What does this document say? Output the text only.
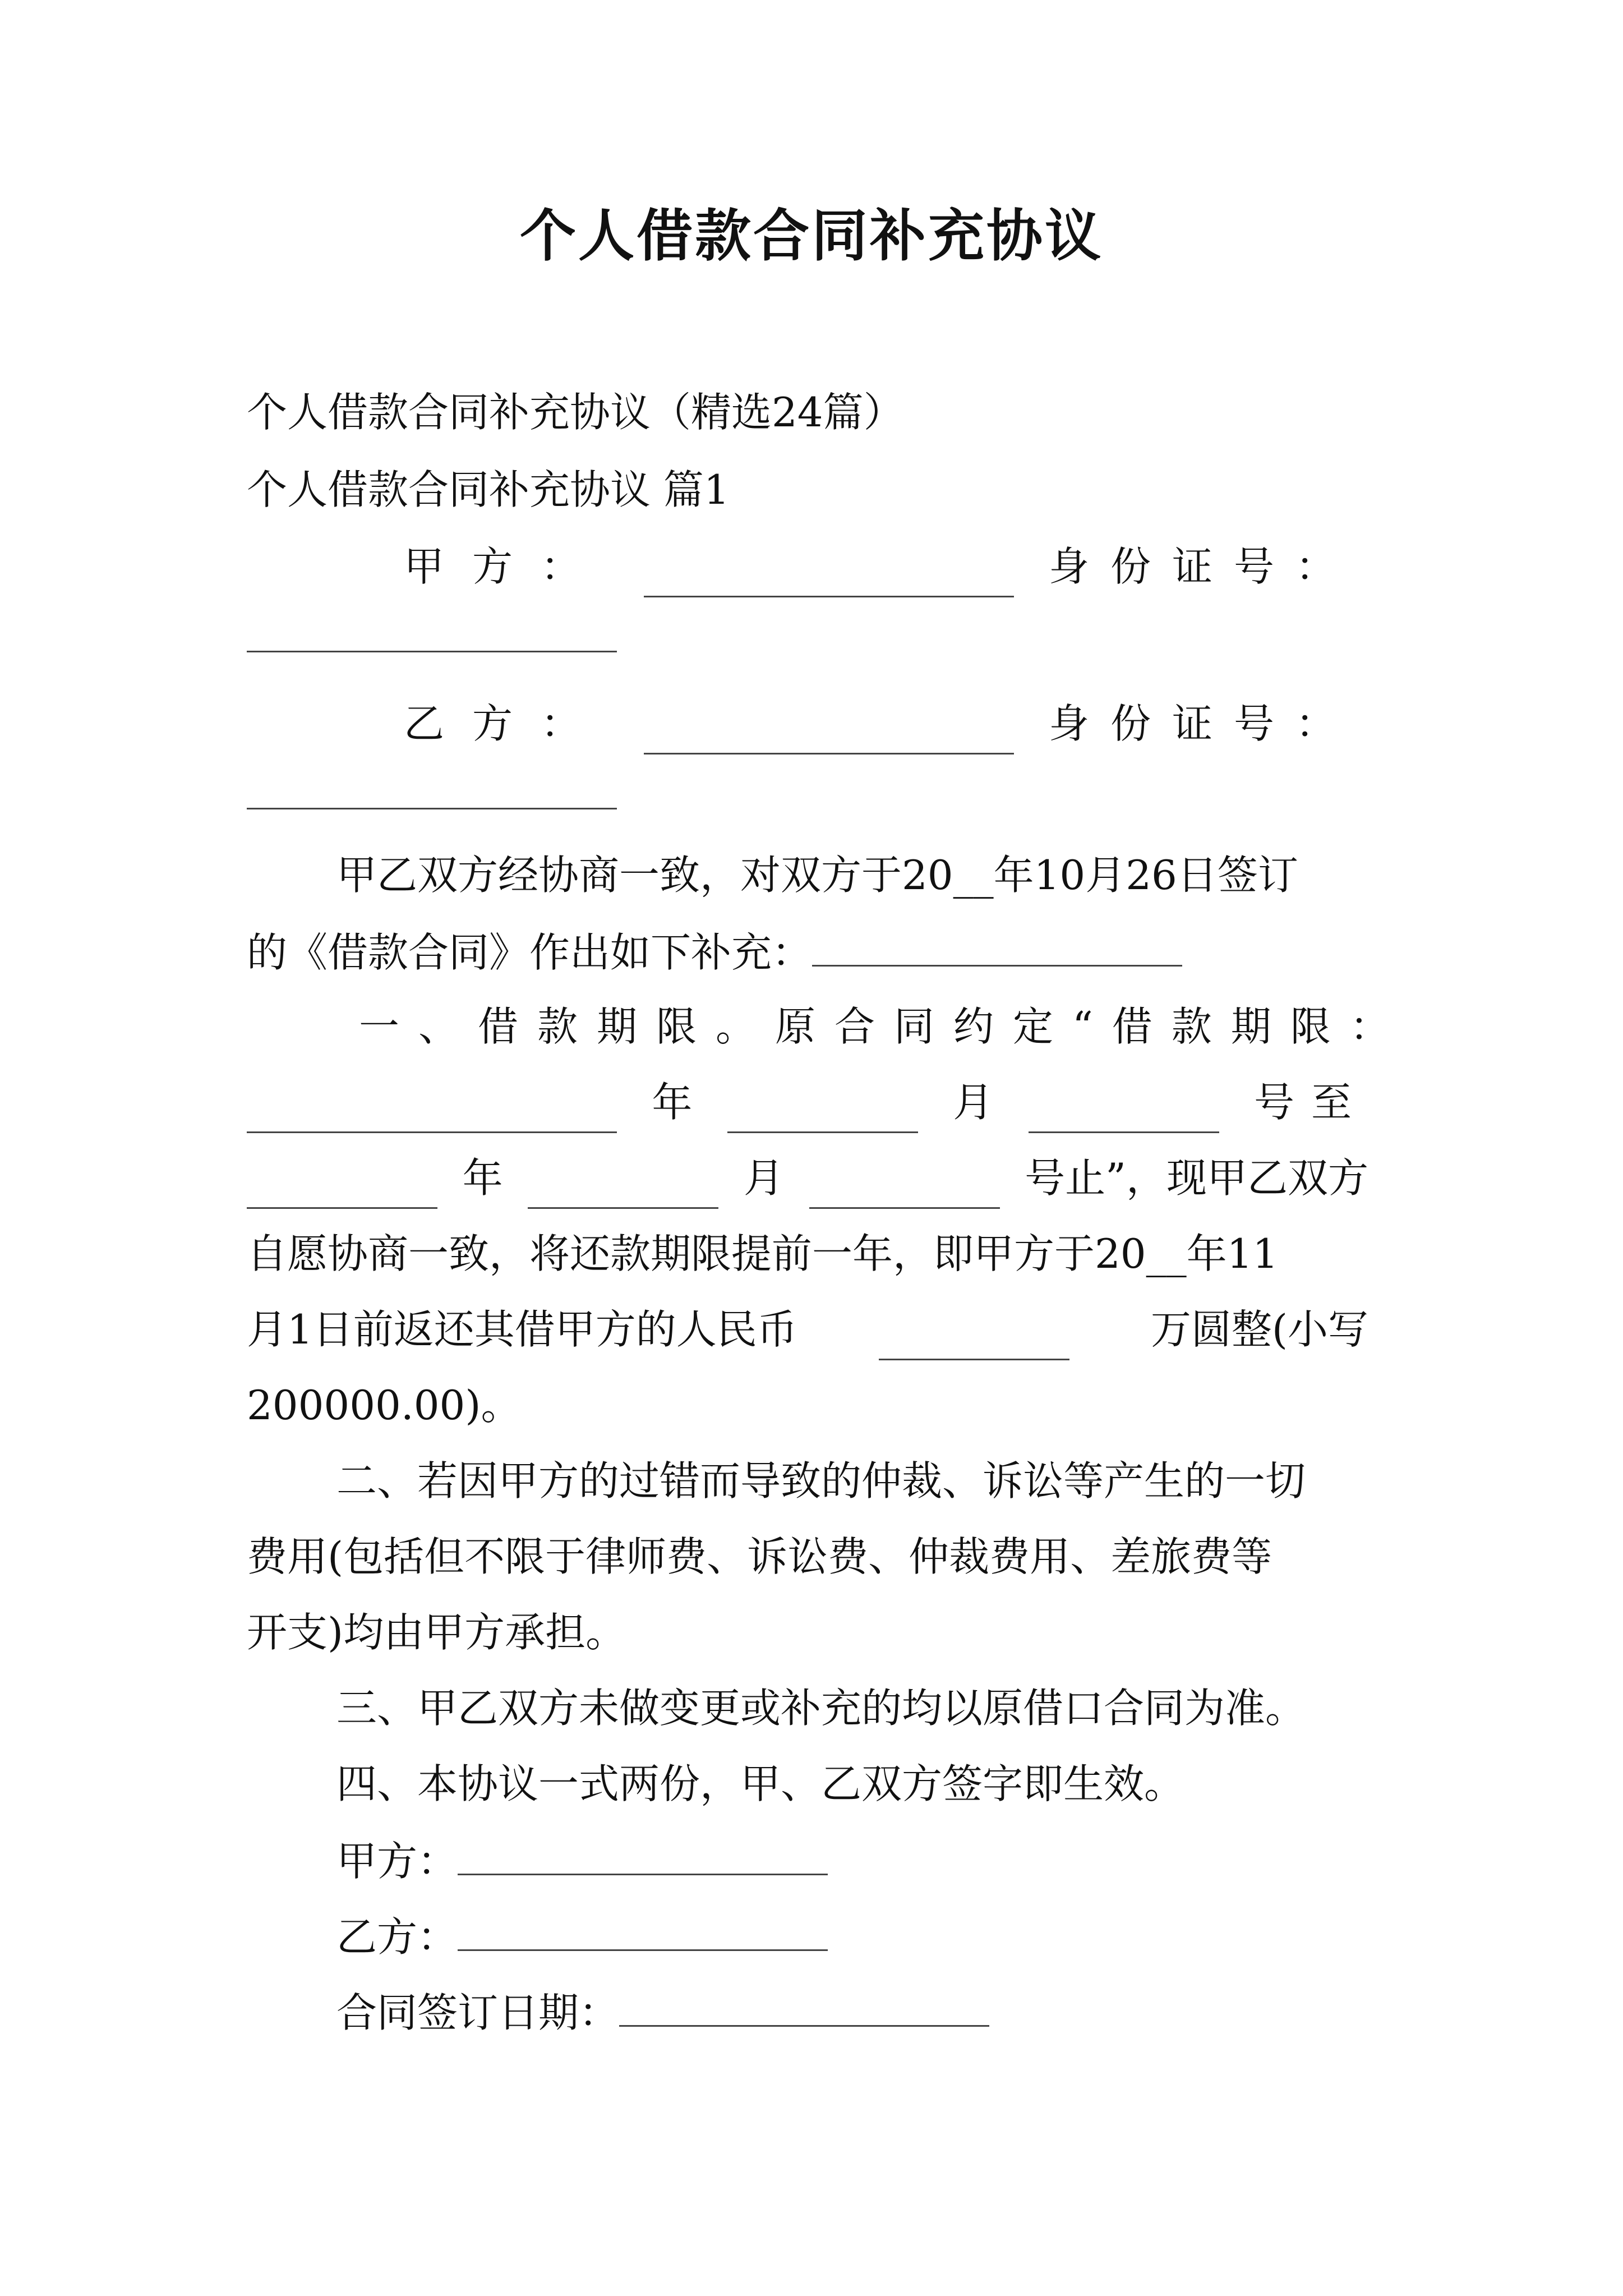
个人借款合同补充协议
个人借款合同补充协议（精选24篇）
个人借款合同补充协议 篇1
甲方：	身份证号：
乙方：	身份证号：
甲乙双方经协商一致，对双方于20__年10月26日签订
的《借款合同》作出如下补充：
一、借款期限。原合同约定“借款期限：
年	月	号至
年	月	号止”，现甲乙双方
自愿协商一致，将还款期限提前一年，即甲方于20__年11
月1日前返还其借甲方的人民币	万圆整(小写
200000.00)。
二、若因甲方的过错而导致的仲裁、诉讼等产生的一切
费用(包括但不限于律师费、诉讼费、仲裁费用、差旅费等
开支)均由甲方承担。
三、甲乙双方未做变更或补充的均以原借口合同为准。
四、本协议一式两份，甲、乙双方签字即生效。
甲方：
乙方：
合同签订日期：
